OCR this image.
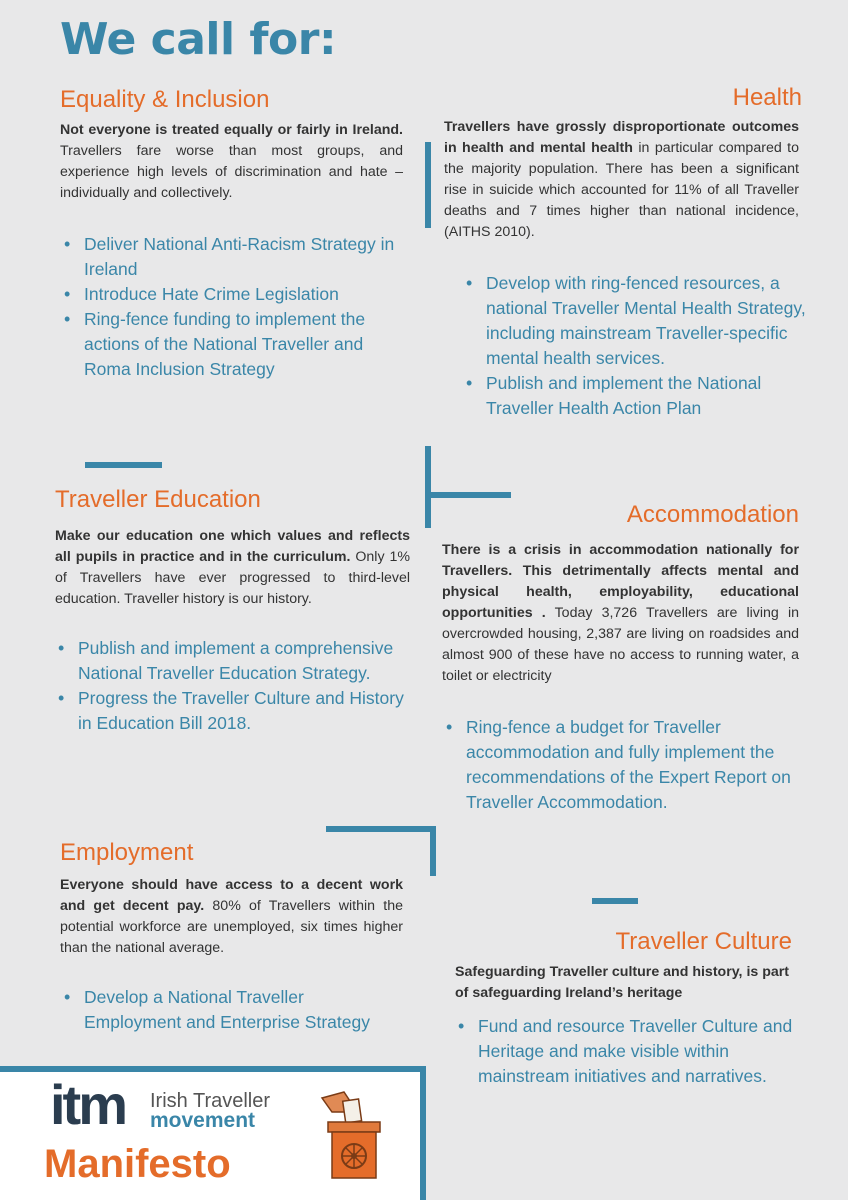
We call for:
Equality & Inclusion
Not everyone is treated equally or fairly in Ireland. Travellers fare worse than most groups, and experience high levels of discrimination and hate – individually and collectively.
• Deliver National Anti-Racism Strategy in Ireland
• Introduce Hate Crime Legislation
• Ring-fence funding to implement the actions of the National Traveller and Roma Inclusion Strategy
Health
Travellers have grossly disproportionate outcomes in health and mental health in particular compared to the majority population. There has been a significant rise in suicide which accounted for 11% of all Traveller deaths and 7 times higher than national incidence, (AITHS 2010).
• Develop with ring-fenced resources, a national Traveller Mental Health Strategy, including mainstream Traveller-specific mental health services.
• Publish and implement the National Traveller Health Action Plan
Traveller Education
Make our education one which values and reflects all pupils in practice and in the curriculum. Only 1% of Travellers have ever progressed to third-level education. Traveller history is our history.
• Publish and implement a comprehensive National Traveller Education Strategy.
• Progress the Traveller Culture and History in Education Bill 2018.
Accommodation
There is a crisis in accommodation nationally for Travellers. This detrimentally affects mental and physical health, employability, educational opportunities . Today 3,726 Travellers are living in overcrowded housing, 2,387 are living on roadsides and almost 900 of these have no access to running water, a toilet or electricity
• Ring-fence a budget for Traveller accommodation and fully implement the recommendations of the Expert Report on Traveller Accommodation.
Employment
Everyone should have access to a decent work and get decent pay. 80% of Travellers within the potential workforce are unemployed, six times higher than the national average.
• Develop a National Traveller Employment and Enterprise Strategy
Traveller Culture
Safeguarding Traveller culture and history, is part of safeguarding Ireland’s heritage
• Fund and resource Traveller Culture and Heritage and make visible within mainstream initiatives and narratives.
itm Irish Traveller
movement
Manifesto
